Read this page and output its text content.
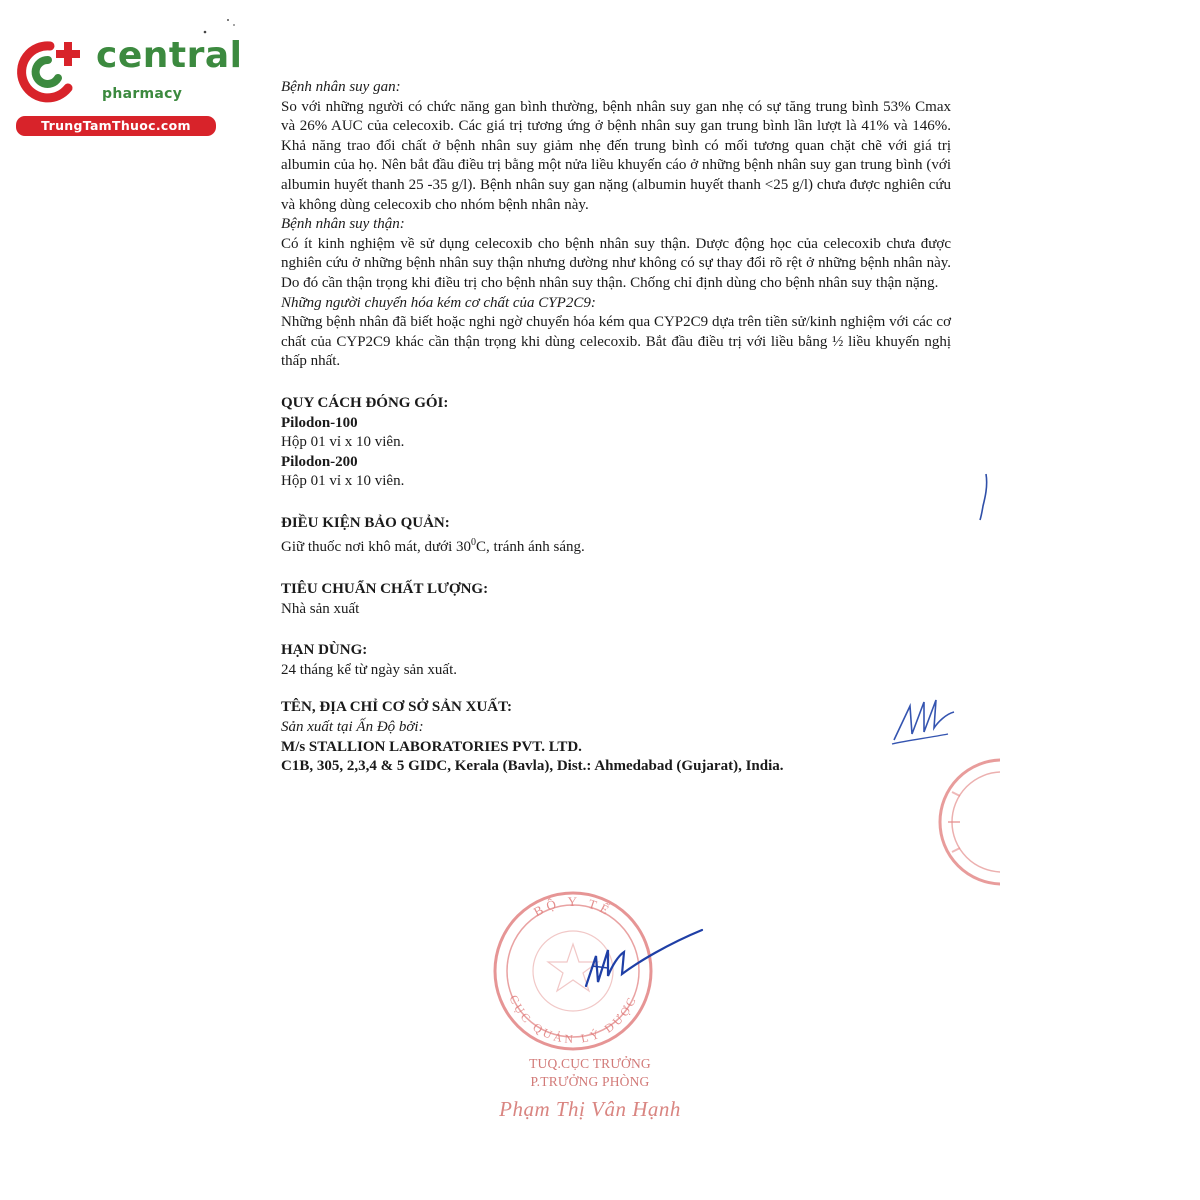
central
pharmacy
TrungTamThuoc.com

Bệnh nhân suy gan:

So với những người có chức năng gan bình thường, bệnh nhân suy gan nhẹ có sự tăng trung bình 53% Cmax và 26% AUC của celecoxib. Các giá trị tương ứng ở bệnh nhân suy gan trung bình lần lượt là 41% và 146%. Khả năng trao đổi chất ở bệnh nhân suy giảm nhẹ đến trung bình có mối tương quan chặt chẽ với giá trị albumin của họ. Nên bắt đầu điều trị bằng một nửa liều khuyến cáo ở những bệnh nhân suy gan trung bình (với albumin huyết thanh 25 -35 g/l). Bệnh nhân suy gan nặng (albumin huyết thanh <25 g/l) chưa được nghiên cứu và không dùng celecoxib cho nhóm bệnh nhân này.

Bệnh nhân suy thận:

Có ít kinh nghiệm về sử dụng celecoxib cho bệnh nhân suy thận. Dược động học của celecoxib chưa được nghiên cứu ở những bệnh nhân suy thận nhưng dường như không có sự thay đổi rõ rệt ở những bệnh nhân này. Do đó cần thận trọng khi điều trị cho bệnh nhân suy thận. Chống chỉ định dùng cho bệnh nhân suy thận nặng.

Những người chuyển hóa kém cơ chất của CYP2C9:

Những bệnh nhân đã biết hoặc nghi ngờ chuyển hóa kém qua CYP2C9 dựa trên tiền sử/kinh nghiệm với các cơ chất của CYP2C9 khác cần thận trọng khi dùng celecoxib. Bắt đầu điều trị với liều bằng ½ liều khuyến nghị thấp nhất.

QUY CÁCH ĐÓNG GÓI:

Pilodon-100

Hộp 01 vỉ x 10 viên.

Pilodon-200

Hộp 01 vỉ x 10 viên.

ĐIỀU KIỆN BẢO QUẢN:

Giữ thuốc nơi khô mát, dưới $30^0C$, tránh ánh sáng.

TIÊU CHUẨN CHẤT LƯỢNG:

Nhà sản xuất

HẠN DÙNG:

24 tháng kể từ ngày sản xuất.

TÊN, ĐỊA CHỈ CƠ SỞ SẢN XUẤT:

Sản xuất tại Ấn Độ bởi:

M/s STALLION LABORATORIES PVT. LTD.

C1B, 305, 2,3,4 & 5 GIDC, Kerala (Bavla), Dist.: Ahmedabad (Gujarat), India.

BỘ Y TẾ
CỤC QUẢN LÝ DƯỢC
TUQ.CỤC TRƯỞNG
P.TRƯỞNG PHÒNG
Phạm Thị Vân Hạnh
